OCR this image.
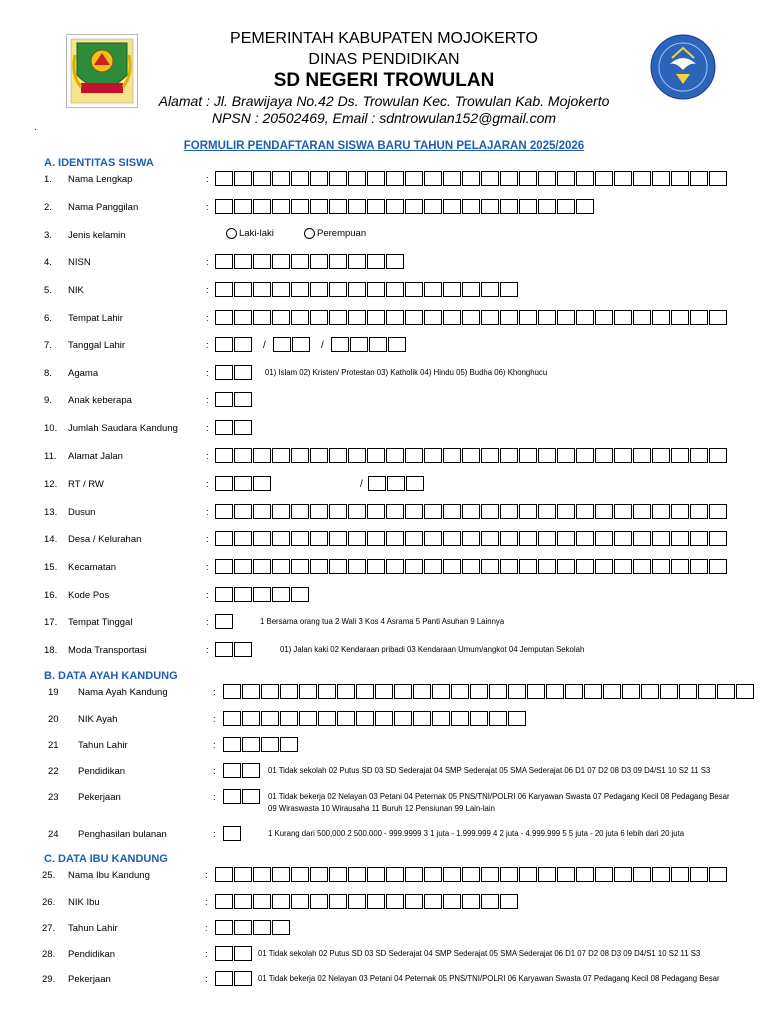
PEMERINTAH KABUPATEN MOJOKERTO
DINAS PENDIDIKAN
SD NEGERI TROWULAN
Alamat : Jl. Brawijaya No.42 Ds. Trowulan Kec. Trowulan Kab. Mojokerto
NPSN : 20502469, Email : sdntrowulan152@gmail.com
.
FORMULIR PENDAFTARAN SISWA BARU TAHUN PELAJARAN 2025/2026
A. IDENTITAS SISWA
1. Nama Lengkap	:
2. Nama Panggilan	:
3. Jenis kelamin	Laki-laki	Perempuan
4. NISN	:
5. NIK	:
6. Tempat Lahir	:
7. Tanggal Lahir	:	/	/
8. Agama	:	01) Islam 02) Kristen/ Protestan 03) Katholik 04) Hindu 05) Budha 06) Khonghucu
9. Anak keberapa	:
10. Jumlah Saudara Kandung	:
11. Alamat Jalan	:
12. RT / RW	:	/
13. Dusun	:
14. Desa / Kelurahan	:
15. Kecamatan	:
16. Kode Pos	:
17. Tempat Tinggal	:	1 Bersama orang tua 2 Wali 3 Kos 4 Asrama 5 Panti Asuhan 9 Lainnya
18. Moda Transportasi	:	01) Jalan kaki 02 Kendaraan pribadi 03 Kendaraan Umum/angkot 04 Jemputan Sekolah
B. DATA AYAH KANDUNG
19 Nama Ayah Kandung	:
20 NIK Ayah	:
21 Tahun Lahir	:
22 Pendidikan	:	01 Tidak sekolah 02 Putus SD 03 SD Sederajat 04 SMP Sederajat 05 SMA Sederajat 06 D1 07 D2 08 D3 09 D4/S1 10 S2 11 S3
23 Pekerjaan	:	01 Tidak bekerja 02 Nelayan 03 Petani 04 Peternak 05 PNS/TNI/POLRI 06 Karyawan Swasta 07 Pedagang Kecil 08 Pedagang Besar
09 Wiraswasta 10 Wirausaha 11 Buruh 12 Pensiunan 99 Lain-lain
24 Penghasilan bulanan	:	1 Kurang dari 500,000 2 500.000 - 999.9999 3 1 juta - 1.999.999 4 2 juta - 4.999.999 5 5 juta - 20 juta 6 lebih dari 20 juta
C. DATA IBU KANDUNG
25. Nama Ibu Kandung	:
26. NIK Ibu	:
27. Tahun Lahir	:
28. Pendidikan	:	01 Tidak sekolah 02 Putus SD 03 SD Sederajat 04 SMP Sederajat 05 SMA Sederajat 06 D1 07 D2 08 D3 09 D4/S1 10 S2 11 S3
29. Pekerjaan	:	01 Tidak bekerja 02 Nelayan 03 Petani 04 Peternak 05 PNS/TNI/POLRI 06 Karyawan Swasta 07 Pedagang Kecil 08 Pedagang Besar
